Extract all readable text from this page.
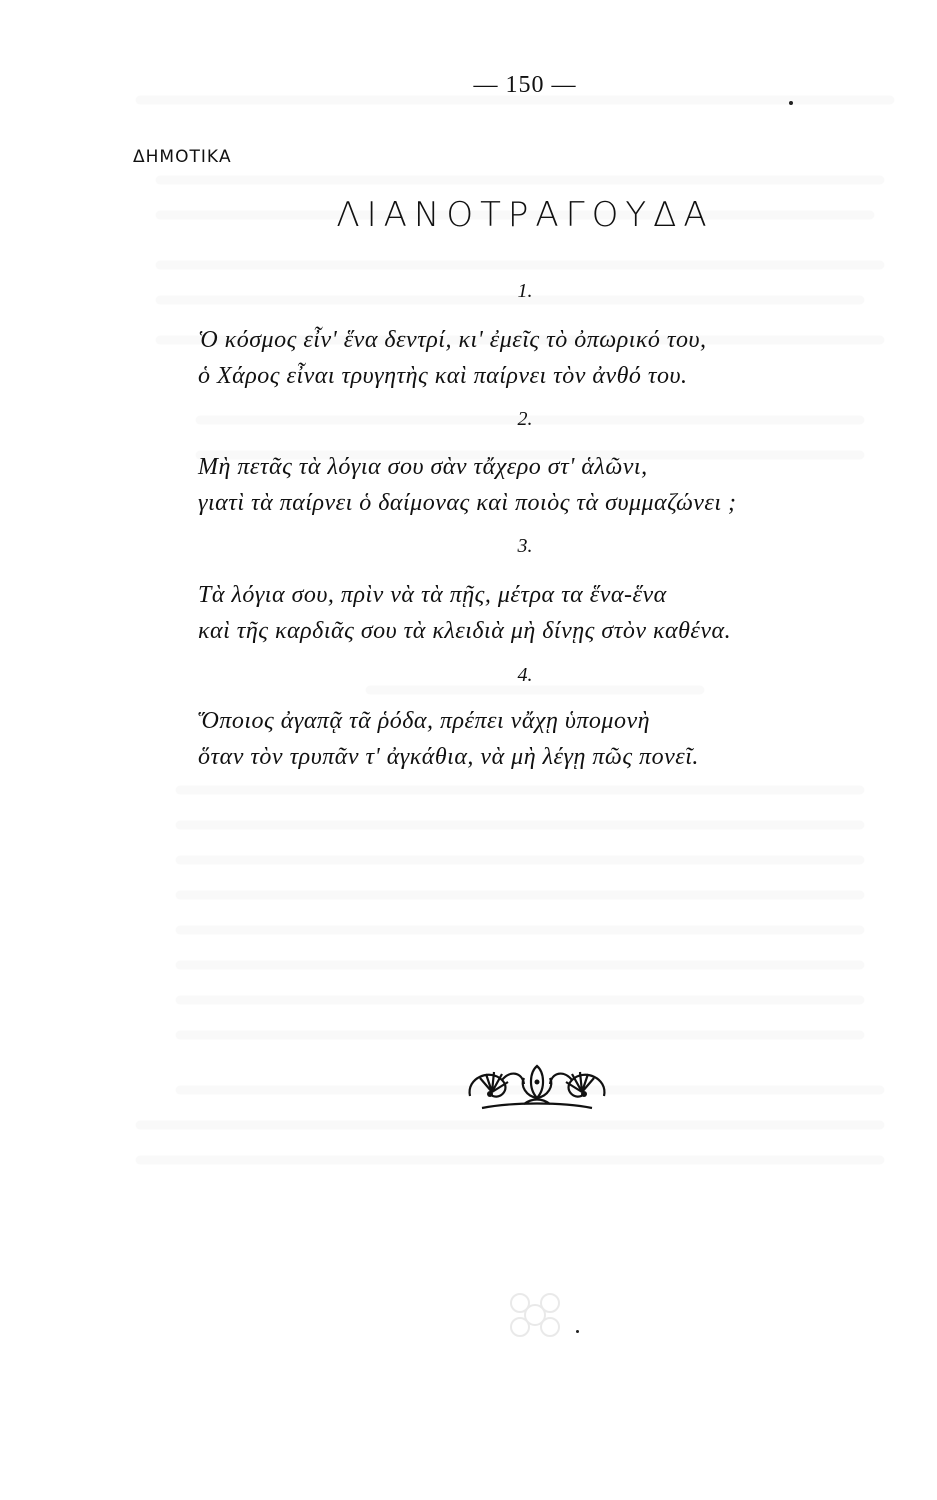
— 150 —
ΔΗΜΟΤΙΚΑ
ΛΙΑΝΟΤΡΑΓΟΥΔΑ
1.
Ὁ κόσμος εἶν' ἕνα δεντρί, κι' ἐμεῖς τὸ ὀπωρικό του,
ὁ Χάρος εἶναι τρυγητὴς καὶ παίρνει τὸν ἀνθό του.
2.
Μὴ πετᾶς τὰ λόγια σου σὰν τἄχερο στ' ἁλῶνι,
γιατὶ τὰ παίρνει ὁ δαίμονας καὶ ποιὸς τὰ συμμαζώνει ;
3.
Τὰ λόγια σου, πρὶν νὰ τὰ πῇς, μέτρα τα ἕνα-ἕνα
καὶ τῆς καρδιᾶς σου τὰ κλειδιὰ μὴ δίνῃς στὸν καθένα.
4.
Ὅποιος ἀγαπᾷ τᾶ ῥόδα, πρέπει νἄχῃ ὑπομονὴ
ὅταν τὸν τρυπᾶν τ' ἀγκάθια, νὰ μὴ λέγῃ πῶς πονεῖ.
